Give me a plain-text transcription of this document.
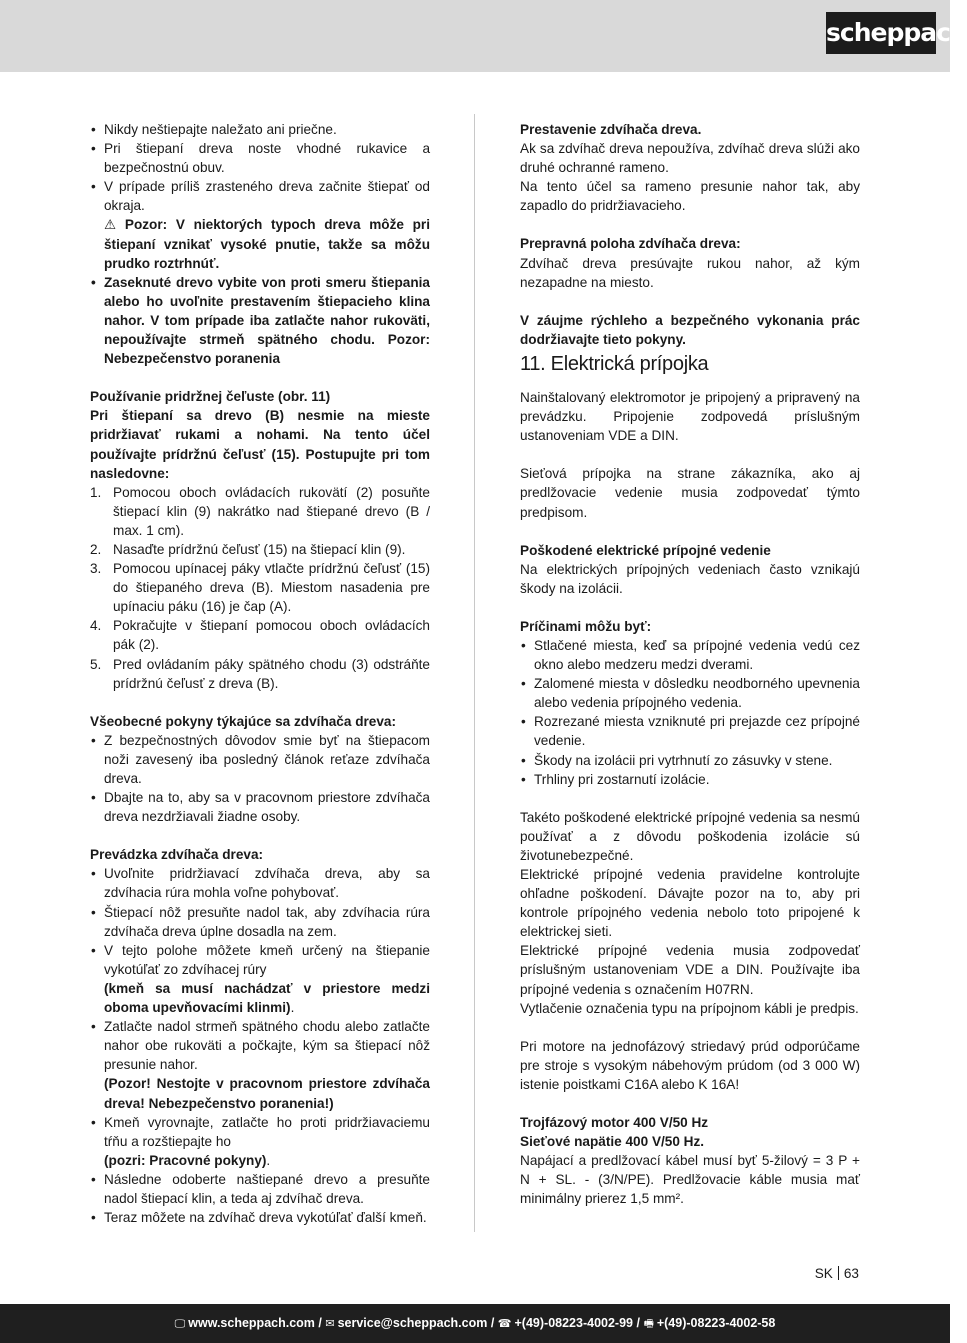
scheppach
• Nikdy neštiepajte naležato ani priečne.
• Pri štiepaní dreva noste vhodné rukavice a bezpečnostnú obuv.
• V prípade príliš zrasteného dreva začnite štiepať od okraja.

⚠ Pozor: V niektorých typoch dreva môže pri štiepaní vznikať vysoké pnutie, takže sa môžu prudko roztrhnúť.

• Zaseknuté drevo vybite von proti smeru štiepania alebo ho uvoľnite prestavením štiepacieho klina nahor. V tom prípade iba zatlačte nahor rukoväti, nepoužívajte strmeň spätného chodu. Pozor: Nebezpečenstvo poranenia

Používanie pridržnej čeľuste (obr. 11)

Pri štiepaní sa drevo (B) nesmie na mieste pridržiavať rukami a nohami. Na tento účel používajte prídržnú čeľusť (15). Postupujte pri tom nasledovne:

1. Pomocou oboch ovládacích rukovätí (2) posuňte štiepací klin (9) nakrátko nad štiepané drevo (B / max. 1 cm).
2. Nasaďte prídržnú čeľusť (15) na štiepací klin (9).
3. Pomocou upínacej páky vtlačte prídržnú čeľusť (15) do štiepaného dreva (B). Miestom nasadenia pre upínaciu páku (16) je čap (A).
4. Pokračujte v štiepaní pomocou oboch ovládacích pák (2).
5. Pred ovládaním páky spätného chodu (3) odstráňte prídržnú čeľusť z dreva (B).

Všeobecné pokyny týkajúce sa zdvíhača dreva:

• Z bezpečnostných dôvodov smie byť na štiepacom noži zavesený iba posledný článok reťaze zdvíhača dreva.
• Dbajte na to, aby sa v pracovnom priestore zdvíhača dreva nezdržiavali žiadne osoby.

Prevádzka zdvíhača dreva:

• Uvoľnite pridržiavací zdvíhača dreva, aby sa zdvíhacia rúra mohla voľne pohybovať.
• Štiepací nôž presuňte nadol tak, aby zdvíhacia rúra zdvíhača dreva úplne dosadla na zem.
• V tejto polohe môžete kmeň určený na štiepanie vykotúľať zo zdvíhacej rúry
(kmeň sa musí nachádzať v priestore medzi oboma upevňovacími klinmi).
• Zatlačte nadol strmeň spätného chodu alebo zatlačte nahor obe rukoväti a počkajte, kým sa štiepací nôž presunie nahor.
(Pozor! Nestojte v pracovnom priestore zdvíhača dreva! Nebezpečenstvo poranenia!)
• Kmeň vyrovnajte, zatlačte ho proti pridržiavaciemu tŕňu a rozštiepajte ho
(pozri: Pracovné pokyny).
• Následne odoberte naštiepané drevo a presuňte nadol štiepací klin, a teda aj zdvíhač dreva.
• Teraz môžete na zdvíhač dreva vykotúľať ďalší kmeň.

Prestavenie zdvíhača dreva.

Ak sa zdvíhač dreva nepoužíva, zdvíhač dreva slúži ako druhé ochranné rameno.

Na tento účel sa rameno presunie nahor tak, aby zapadlo do pridržiavacieho.

Prepravná poloha zdvíhača dreva:

Zdvíhač dreva presúvajte rukou nahor, až kým nezapadne na miesto.

V záujme rýchleho a bezpečného vykonania prác dodržiavajte tieto pokyny.

11. Elektrická prípojka

Nainštalovaný elektromotor je pripojený a pripravený na prevádzku. Pripojenie zodpovedá príslušným ustanoveniam VDE a DIN.

Sieťová prípojka na strane zákazníka, ako aj predlžovacie vedenie musia zodpovedať týmto predpisom.

Poškodené elektrické prípojné vedenie

Na elektrických prípojných vedeniach často vznikajú škody na izolácii.

Príčinami môžu byť:

• Stlačené miesta, keď sa prípojné vedenia vedú cez okno alebo medzeru medzi dverami.
• Zalomené miesta v dôsledku neodborného upevnenia alebo vedenia prípojného vedenia.
• Rozrezané miesta vzniknuté pri prejazde cez prípojné vedenie.
• Škody na izolácii pri vytrhnutí zo zásuvky v stene.
• Trhliny pri zostarnutí izolácie.

Takéto poškodené elektrické prípojné vedenia sa nesmú používať a z dôvodu poškodenia izolácie sú životunebezpečné.

Elektrické prípojné vedenia pravidelne kontrolujte ohľadne poškodení. Dávajte pozor na to, aby pri kontrole prípojného vedenia nebolo toto pripojené k elektrickej sieti.

Elektrické prípojné vedenia musia zodpovedať príslušným ustanoveniam VDE a DIN. Používajte iba prípojné vedenia s označením H07RN.

Vytlačenie označenia typu na prípojnom kábli je predpis.

Pri motore na jednofázový striedavý prúd odporúčame pre stroje s vysokým nábehovým prúdom (od 3 000 W) istenie poistkami C16A alebo K 16A!

Trojfázový motor 400 V/50 Hz

Sieťové napätie 400 V/50 Hz.

Napájací a predlžovací kábel musí byť 5-žilový = 3 P + N + SL. - (3/N/PE). Predlžovacie káble musia mať minimálny prierez 1,5 mm².

SK 63
🖵 www.scheppach.com / ✉ service@scheppach.com / ☎ +(49)-08223-4002-99 / 🖷 +(49)-08223-4002-58
